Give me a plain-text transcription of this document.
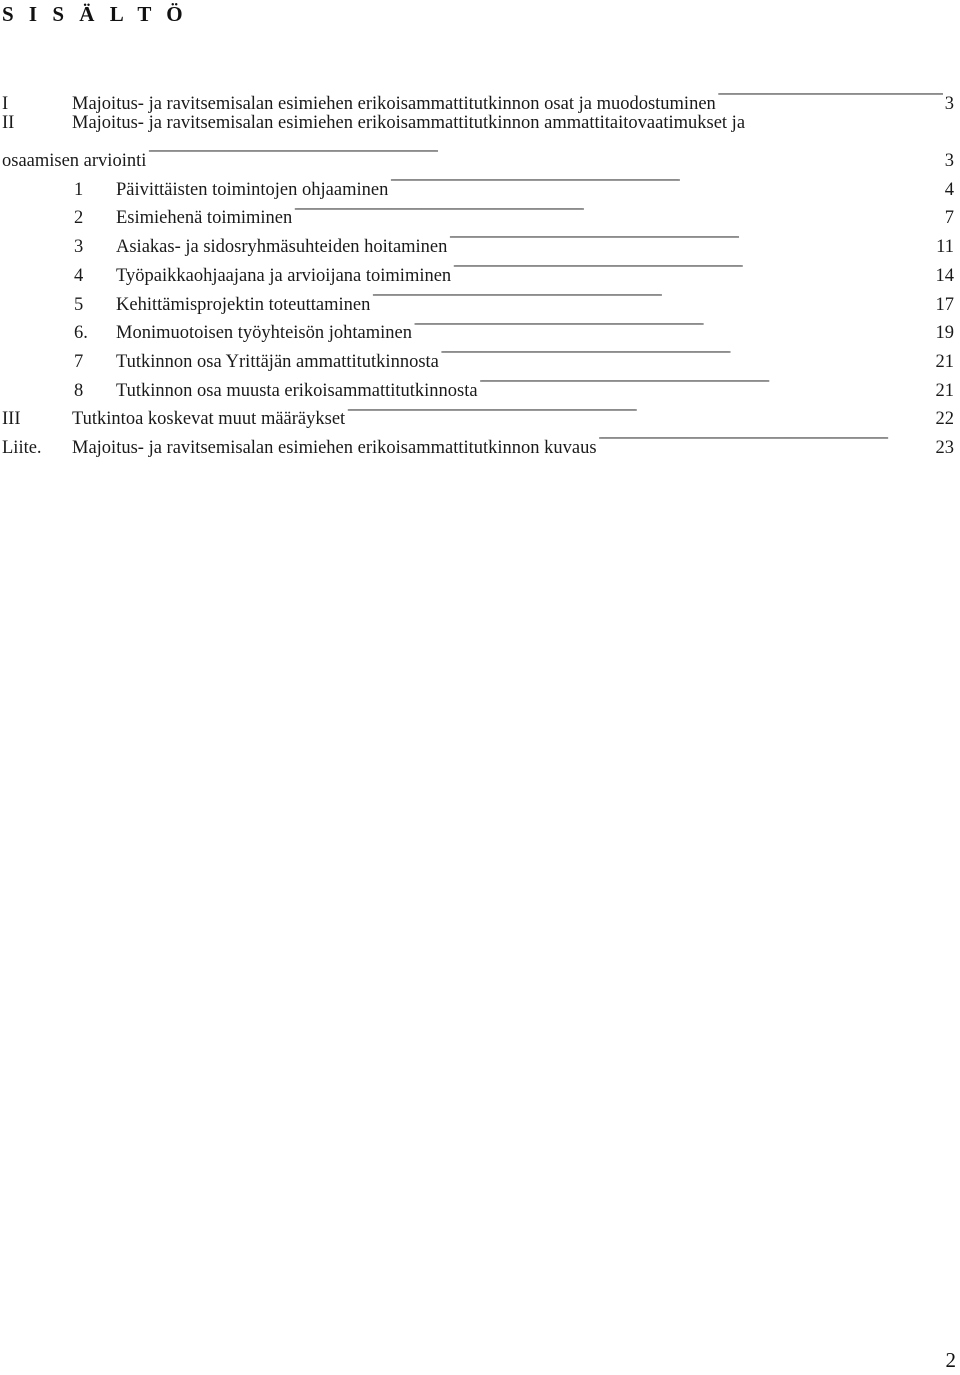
S I S Ä L T Ö
I	Majoitus- ja ravitsemisalan esimiehen erikoisammattitutkinnon osat ja muodostuminen - - -	3
II	Majoitus- ja ravitsemisalan esimiehen erikoisammattitutkinnon ammattitaitovaatimukset ja
osaamisen arviointi - - -	3
1	Päivittäisten toimintojen ohjaaminen - - -	4
2	Esimiehenä toimiminen - - -	7
3	Asiakas- ja sidosryhmäsuhteiden hoitaminen - - -	11
4	Työpaikkaohjaajana ja arvioijana toimiminen - - -	14
5	Kehittämisprojektin toteuttaminen - - -	17
6.	Monimuotoisen työyhteisön johtaminen - - -	19
7	Tutkinnon osa Yrittäjän ammattitutkinnosta - - -	21
8	Tutkinnon osa muusta erikoisammattitutkinnosta - - -	21
III	Tutkintoa koskevat muut määräykset - - -	22
Liite.	Majoitus- ja ravitsemisalan esimiehen erikoisammattitutkinnon kuvaus - - -	23
2
